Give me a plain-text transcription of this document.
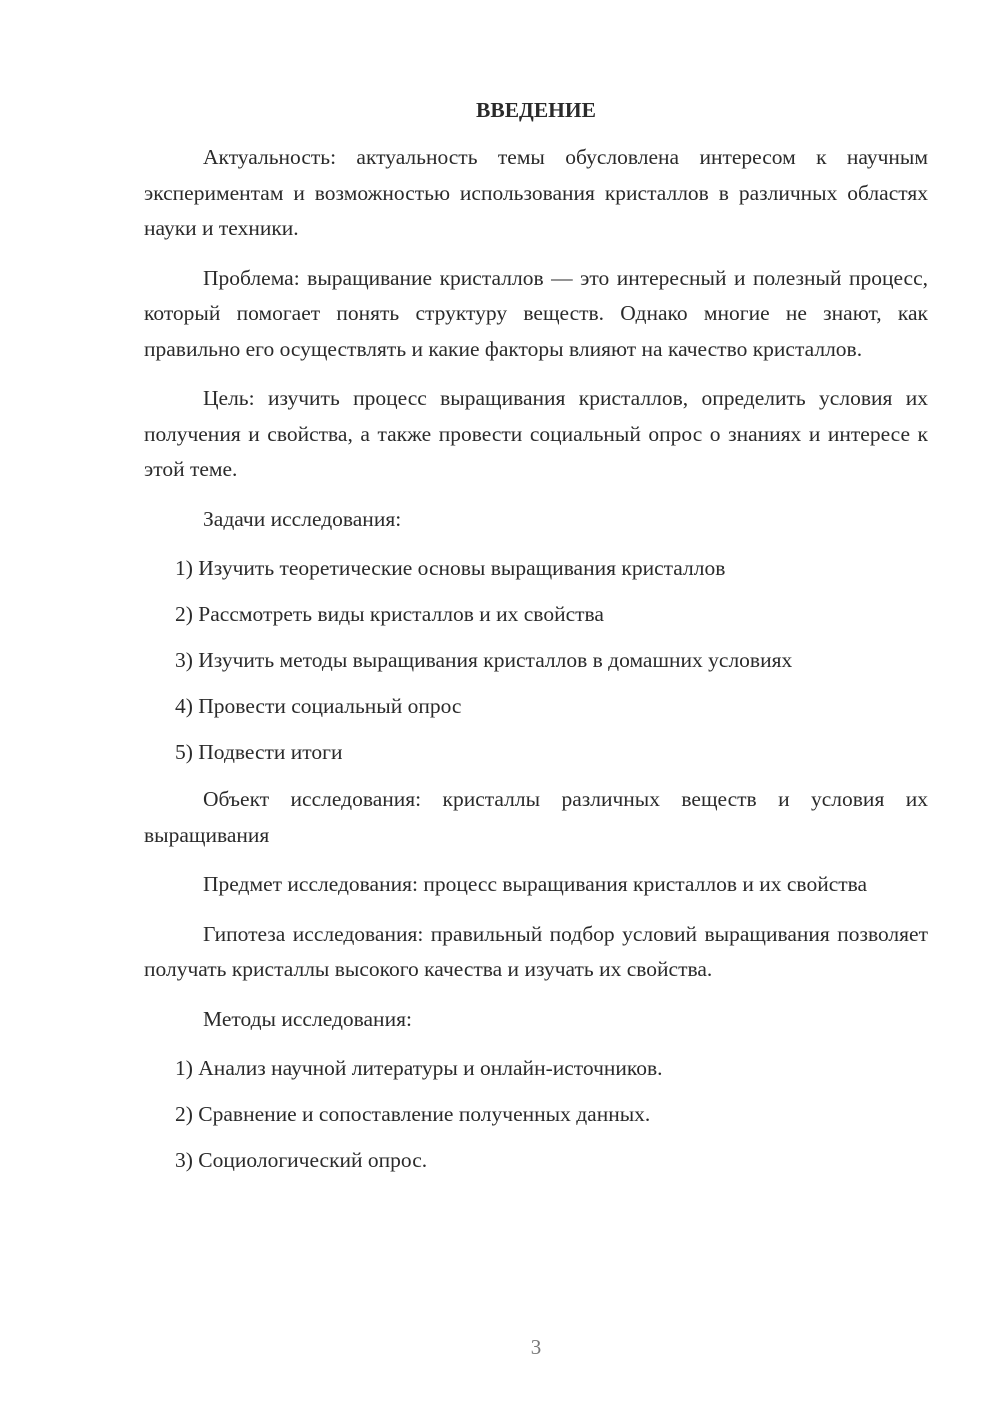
ВВЕДЕНИЕ

Актуальность: актуальность темы обусловлена интересом к научным экспериментам и возможностью использования кристаллов в различных областях науки и техники.

Проблема: выращивание кристаллов — это интересный и полезный процесс, который помогает понять структуру веществ. Однако многие не знают, как правильно его осуществлять и какие факторы влияют на качество кристаллов.

Цель: изучить процесс выращивания кристаллов, определить условия их получения и свойства, а также провести социальный опрос о знаниях и интересе к этой теме.

Задачи исследования:

1) Изучить теоретические основы выращивания кристаллов
2) Рассмотреть виды кристаллов и их свойства
3) Изучить методы выращивания кристаллов в домашних условиях
4) Провести социальный опрос
5) Подвести итоги

Объект исследования: кристаллы различных веществ и условия их выращивания

Предмет исследования: процесс выращивания кристаллов и их свойства

Гипотеза исследования: правильный подбор условий выращивания позволяет получать кристаллы высокого качества и изучать их свойства.

Методы исследования:

1) Анализ научной литературы и онлайн-источников.
2) Сравнение и сопоставление полученных данных.
3) Социологический опрос.
3
